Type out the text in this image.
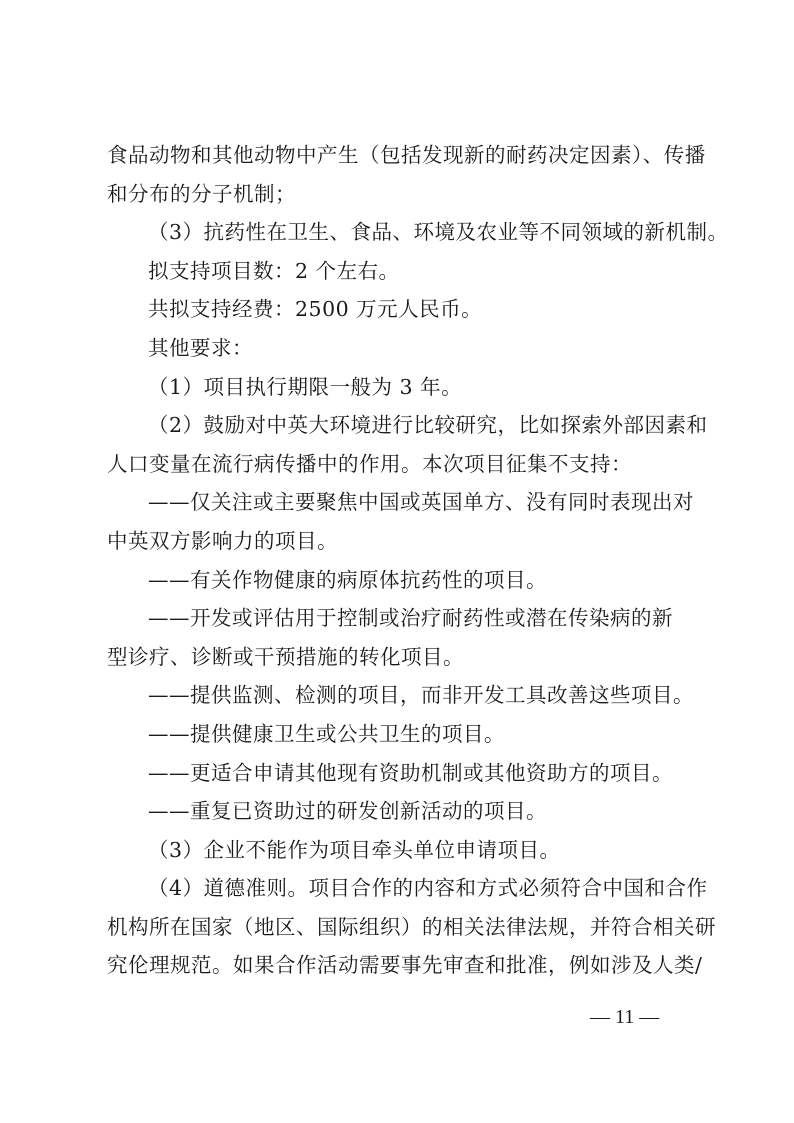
食品动物和其他动物中产生（包括发现新的耐药决定因素）、传播
和分布的分子机制；
（3）抗药性在卫生、食品、环境及农业等不同领域的新机制。
拟支持项目数：2 个左右。
共拟支持经费：2500 万元人民币。
其他要求：
（1）项目执行期限一般为 3 年。
（2）鼓励对中英大环境进行比较研究，比如探索外部因素和
人口变量在流行病传播中的作用。本次项目征集不支持：
——仅关注或主要聚焦中国或英国单方、没有同时表现出对
中英双方影响力的项目。
——有关作物健康的病原体抗药性的项目。
——开发或评估用于控制或治疗耐药性或潜在传染病的新
型诊疗、诊断或干预措施的转化项目。
——提供监测、检测的项目，而非开发工具改善这些项目。
——提供健康卫生或公共卫生的项目。
——更适合申请其他现有资助机制或其他资助方的项目。
——重复已资助过的研发创新活动的项目。
（3）企业不能作为项目牵头单位申请项目。
（4）道德准则。项目合作的内容和方式必须符合中国和合作
机构所在国家（地区、国际组织）的相关法律法规，并符合相关研
究伦理规范。如果合作活动需要事先审查和批准，例如涉及人类/
— 11 —
